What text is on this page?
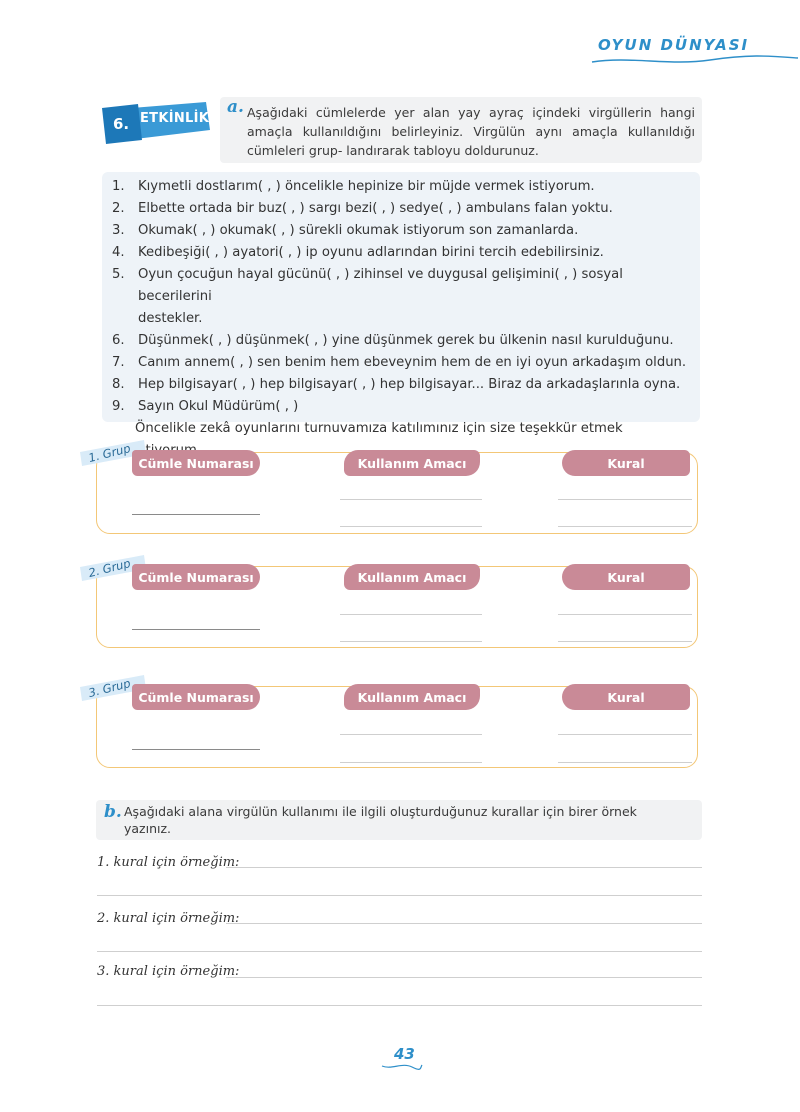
OYUN DÜNYASI
6. ETKİNLİK
a. Aşağıdaki cümlelerde yer alan yay ayraç içindeki virgüllerin hangi amaçla kullanıldığını belirleyiniz. Virgülün aynı amaçla kullanıldığı cümleleri grup- landırarak tabloyu doldurunuz.
1. Kıymetli dostlarım( , ) öncelikle hepinize bir müjde vermek istiyorum.
2. Elbette ortada bir buz( , ) sargı bezi( , ) sedye( , ) ambulans falan yoktu.
3. Okumak( , ) okumak( , ) sürekli okumak istiyorum son zamanlarda.
4. Kedibeşiği( , ) ayatori( , ) ip oyunu adlarından birini tercih edebilirsiniz.
5. Oyun çocuğun hayal gücünü( , ) zihinsel ve duygusal gelişimini( , ) sosyal becerilerini
destekler.
6. Düşünmek( , ) düşünmek( , ) yine düşünmek gerek bu ülkenin nasıl kurulduğunu.
7. Canım annem( , ) sen benim hem ebeveynim hem de en iyi oyun arkadaşım oldun.
8. Hep bilgisayar( , ) hep bilgisayar( , ) hep bilgisayar... Biraz da arkadaşlarınla oyna.
9. Sayın Okul Müdürüm( , )
Öncelikle zekâ oyunlarını turnuvamıza katılımınız için size teşekkür etmek
1. Grup Cümle Numarası	Kullanım Amacı	Kural
2. Grup Cümle Numarası	Kullanım Amacı	Kural
3. Grup Cümle Numarası	Kullanım Amacı	Kural
b. Aşağıdaki alana virgülün kullanımı ile ilgili oluşturduğunuz kurallar için birer örnek yazınız.
1. kural için örneğim:
2. kural için örneğim:
3. kural için örneğim:
43
